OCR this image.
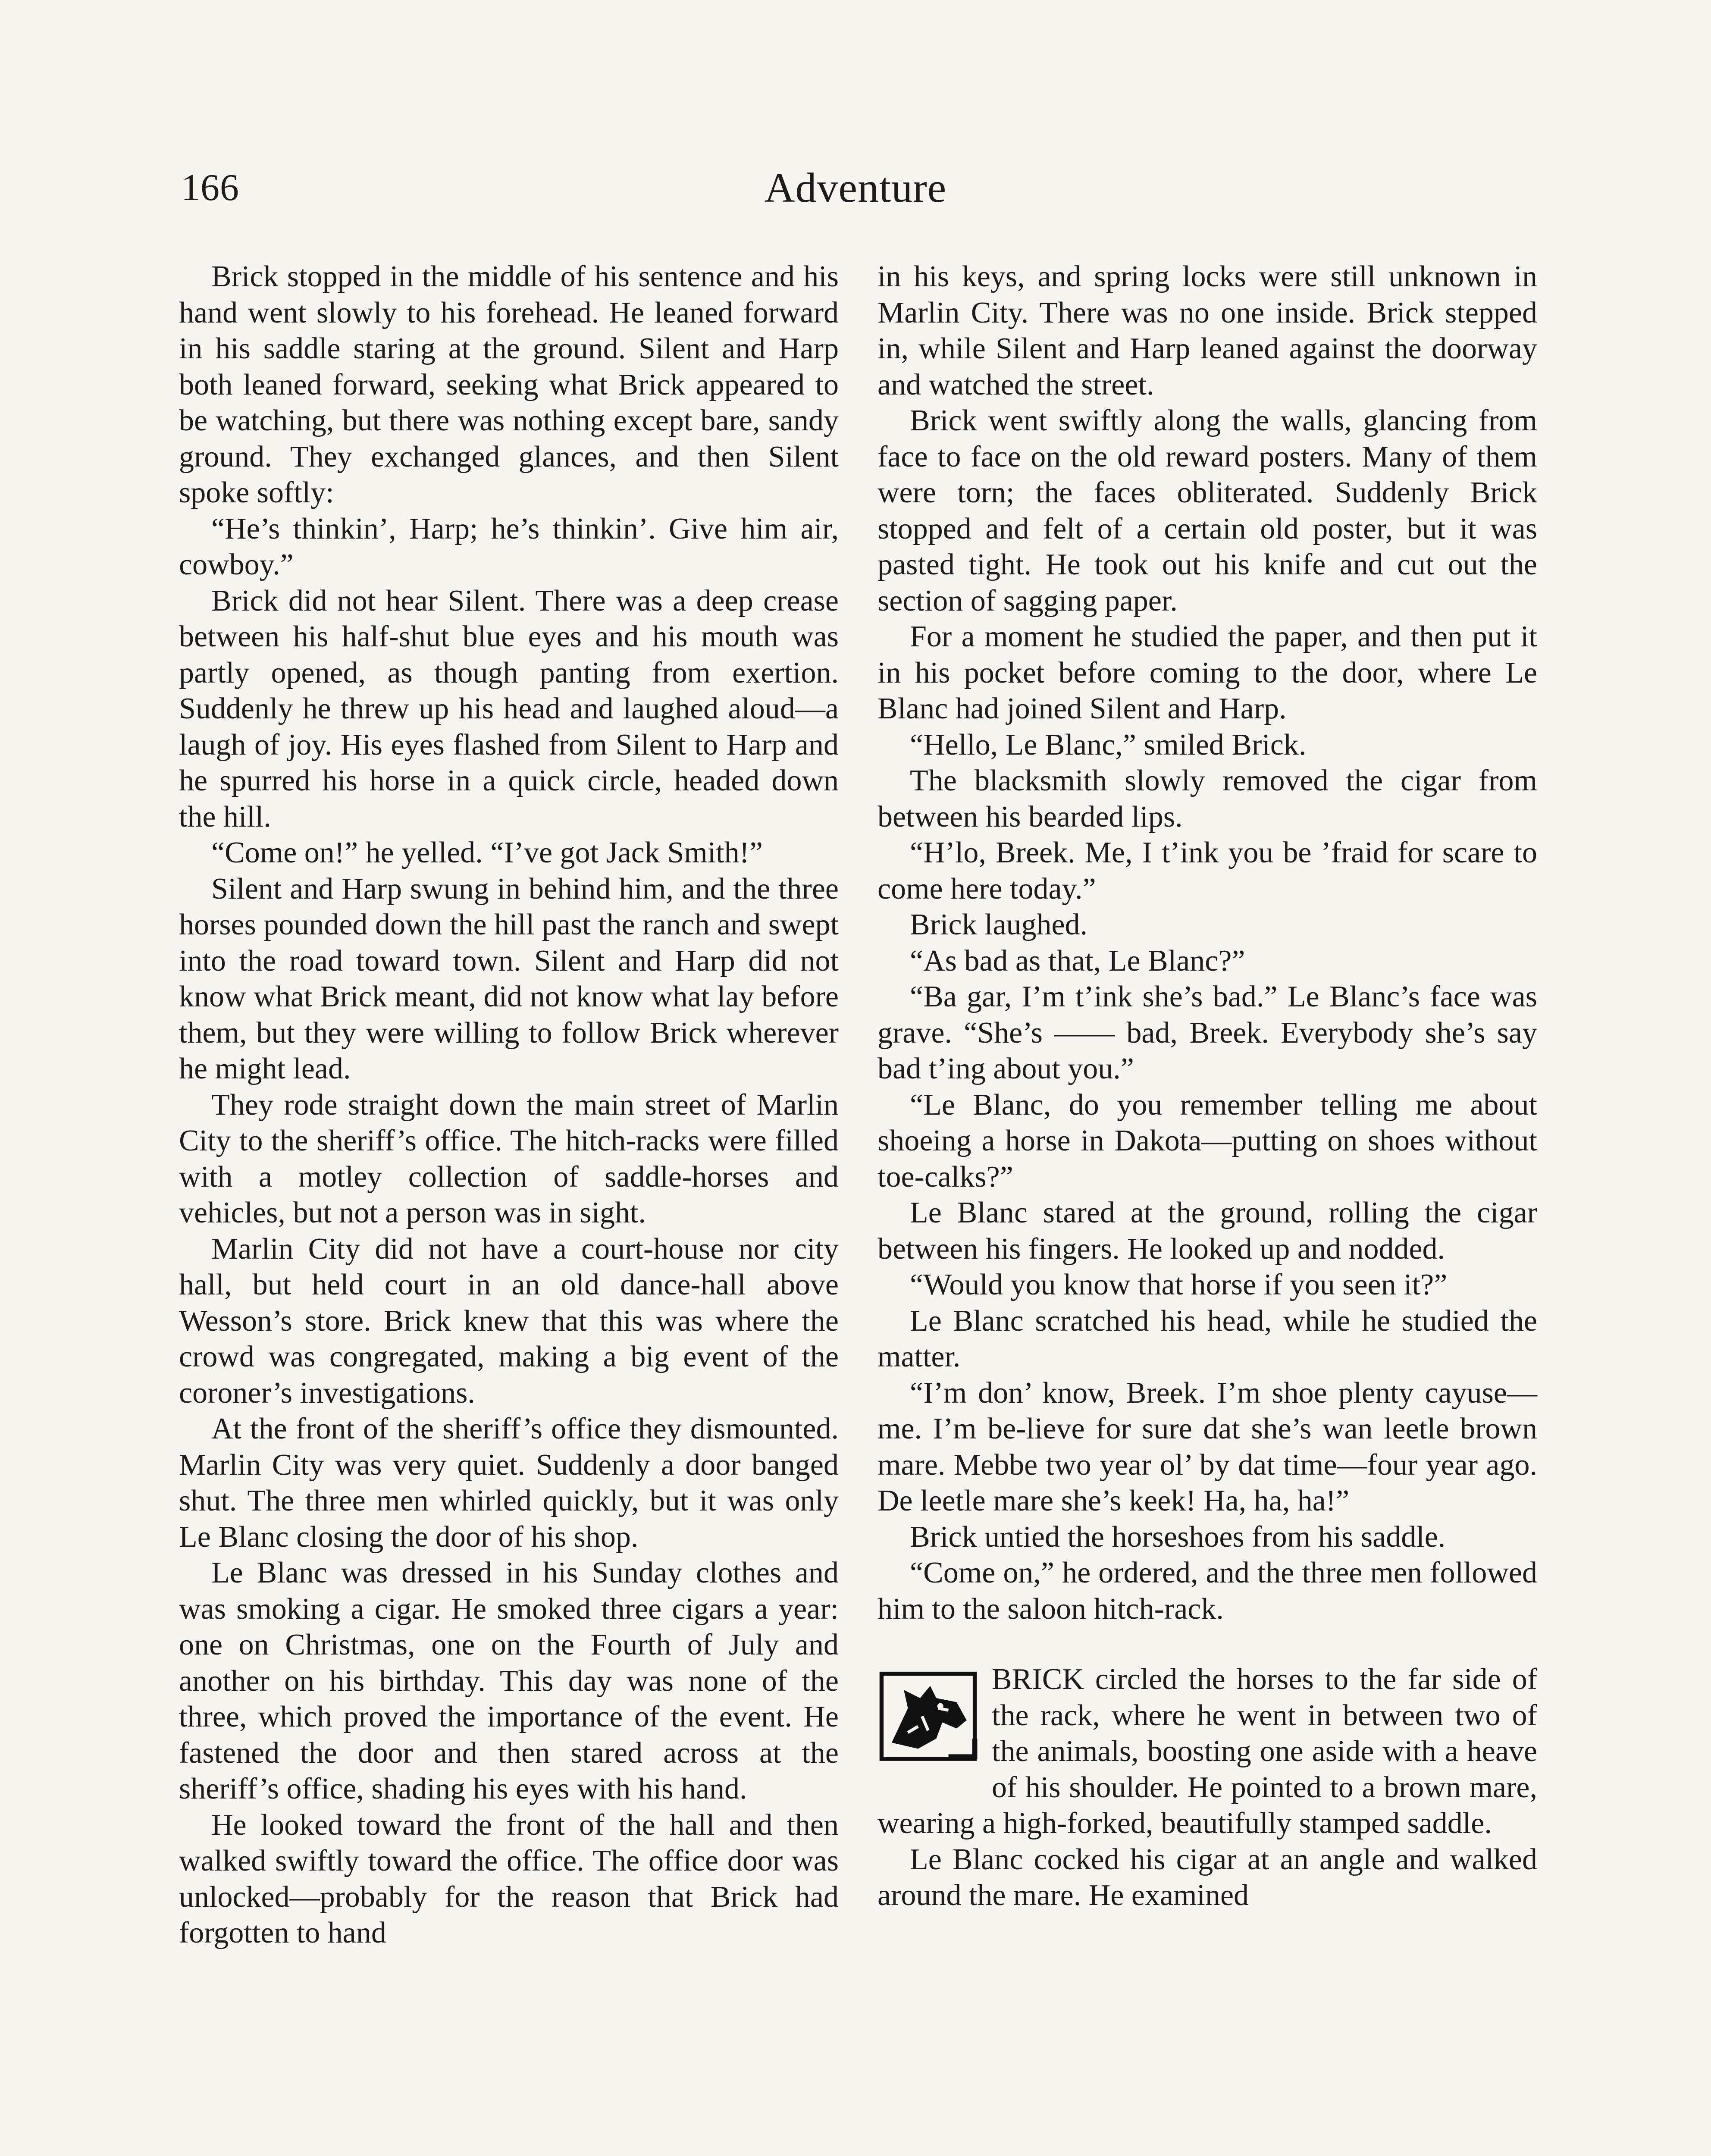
166	Adventure

Brick stopped in the middle of his sentence and his hand went slowly to his forehead. He leaned forward in his saddle staring at the ground. Silent and Harp both leaned forward, seeking what Brick appeared to be watching, but there was nothing except bare, sandy ground. They exchanged glances, and then Silent spoke softly:

“He’s thinkin’, Harp; he’s thinkin’. Give him air, cowboy.”

Brick did not hear Silent. There was a deep crease between his half-shut blue eyes and his mouth was partly opened, as though panting from exertion. Suddenly he threw up his head and laughed aloud—a laugh of joy. His eyes flashed from Silent to Harp and he spurred his horse in a quick circle, headed down the hill.

“Come on!” he yelled. “I’ve got Jack Smith!”

Silent and Harp swung in behind him, and the three horses pounded down the hill past the ranch and swept into the road toward town. Silent and Harp did not know what Brick meant, did not know what lay before them, but they were willing to follow Brick wherever he might lead.

They rode straight down the main street of Marlin City to the sheriff’s office. The hitch-racks were filled with a motley collection of saddle-horses and vehicles, but not a person was in sight.

Marlin City did not have a court-house nor city hall, but held court in an old dance-hall above Wesson’s store. Brick knew that this was where the crowd was congregated, making a big event of the coroner’s investigations.

At the front of the sheriff’s office they dismounted. Marlin City was very quiet. Suddenly a door banged shut. The three men whirled quickly, but it was only Le Blanc closing the door of his shop.

Le Blanc was dressed in his Sunday clothes and was smoking a cigar. He smoked three cigars a year: one on Christmas, one on the Fourth of July and another on his birthday. This day was none of the three, which proved the importance of the event. He fastened the door and then stared across at the sheriff’s office, shading his eyes with his hand.

He looked toward the front of the hall and then walked swiftly toward the office. The office door was unlocked—probably for the reason that Brick had forgotten to hand

in his keys, and spring locks were still unknown in Marlin City. There was no one inside. Brick stepped in, while Silent and Harp leaned against the doorway and watched the street.

Brick went swiftly along the walls, glancing from face to face on the old reward posters. Many of them were torn; the faces obliterated. Suddenly Brick stopped and felt of a certain old poster, but it was pasted tight. He took out his knife and cut out the section of sagging paper.

For a moment he studied the paper, and then put it in his pocket before coming to the door, where Le Blanc had joined Silent and Harp.

“Hello, Le Blanc,” smiled Brick.

The blacksmith slowly removed the cigar from between his bearded lips.

“H’lo, Breek. Me, I t’ink you be ’fraid for scare to come here today.”

Brick laughed.

“As bad as that, Le Blanc?”

“Ba gar, I’m t’ink she’s bad.” Le Blanc’s face was grave. “She’s —— bad, Breek. Everybody she’s say bad t’ing about you.”

“Le Blanc, do you remember telling me about shoeing a horse in Dakota—putting on shoes without toe-calks?”

Le Blanc stared at the ground, rolling the cigar between his fingers. He looked up and nodded.

“Would you know that horse if you seen it?”

Le Blanc scratched his head, while he studied the matter.

“I’m don’ know, Breek. I’m shoe plenty cayuse—me. I’m be-lieve for sure dat she’s wan leetle brown mare. Mebbe two year ol’ by dat time—four year ago. De leetle mare she’s keek! Ha, ha, ha!”

Brick untied the horseshoes from his saddle.

“Come on,” he ordered, and the three men followed him to the saloon hitch-rack.

BRICK circled the horses to the far side of the rack, where he went in between two of the animals, boosting one aside with a heave of his shoulder. He pointed to a brown mare, wearing a high-forked, beautifully stamped saddle.

Le Blanc cocked his cigar at an angle and walked around the mare. He examined
